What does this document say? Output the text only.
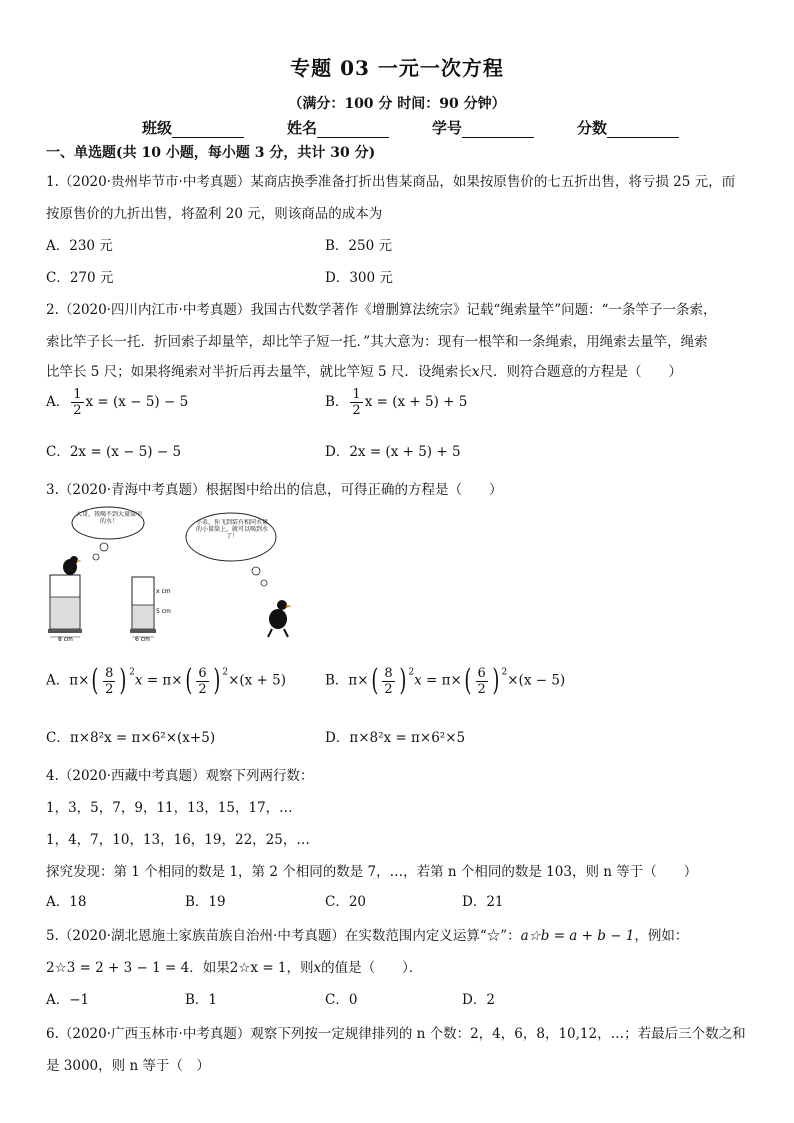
专题 03 一元一次方程
（满分：100 分 时间：90 分钟）
班级	姓名	学号	分数
一、单选题(共 10 小题，每小题 3 分，共计 30 分)
1.（2020·贵州毕节市·中考真题）某商店换季准备打折出售某商品，如果按原售价的七五折出售，将亏损 25 元，而
按原售价的九折出售，将盈利 20 元，则该商品的成本为
A．230 元	B．250 元
C．270 元	D．300 元
2.（2020·四川内江市·中考真题）我国古代数学著作《增删算法统宗》记载“绳索量竿”问题：“一条竿子一条索，
索比竿子长一托．折回索子却量竿，却比竿子短一托．”其大意为：现有一根竿和一条绳索，用绳索去量竿，绳索
比竿长 5 尺；如果将绳索对半折后再去量竿，就比竿短 5 尺．设绳索长x尺．则符合题意的方程是（　　）
A． $\frac{1}{2}$ x = (x − 5) − 5	B． $\frac{1}{2}$ x = (x + 5) + 5
C．2x = (x − 5) − 5	D．2x = (x + 5) + 5
3.（2020·青海中考真题）根据图中给出的信息，可得正确的方程是（　　）
大哥，我喝不到大量筒中的水！	小弟，你飞到装有相同水量的小量筒上，就可以喝到水了！
8 cm	6 cm
x cm
5 cm
A．$\pi\times( \frac{8}{2}$ ) $^2x = \pi\times( \frac{6}{2}$ ) $^2$×(x + 5)	B．$\pi\times( \frac{8}{2}$ ) $^2x = \pi\times( \frac{6}{2}$ ) $^2$×(x − 5)
C．π×8²x = π×6²×(x+5)	D．π×8²x = π×6²×5
4.（2020·西藏中考真题）观察下列两行数：
1，3，5，7，9，11，13，15，17，…
1，4，7，10，13，16，19，22，25，…
探究发现：第 1 个相同的数是 1，第 2 个相同的数是 7，…，若第 n 个相同的数是 103，则 n 等于（　　）
A．18	B．19	C．20	D．21
5.（2020·湖北恩施土家族苗族自治州·中考真题）在实数范围内定义运算“☆”：a☆b = a + b − 1，例如：
2☆3 = 2 + 3 − 1 = 4．如果2☆x = 1，则x的值是（　　）．
A．−1	B．1	C．0	D．2
6.（2020·广西玉林市·中考真题）观察下列按一定规律排列的 n 个数：2，4，6，8，10,12，…；若最后三个数之和
是 3000，则 n 等于（　）
